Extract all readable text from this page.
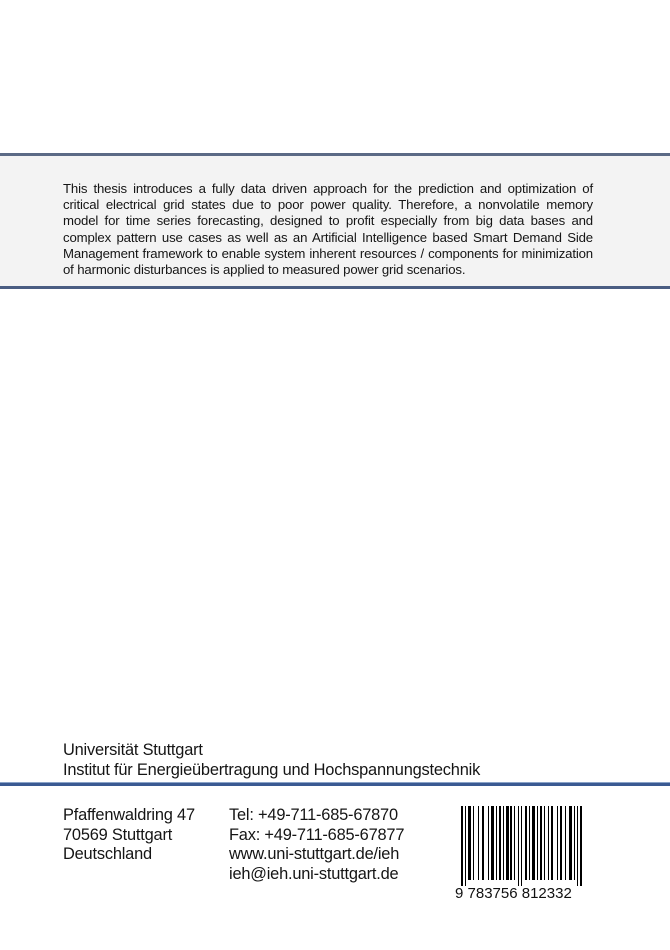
This thesis introduces a fully data driven approach for the prediction and optimization of critical electrical grid states due to poor power quality. Therefore, a nonvolatile memory model for time series forecasting, designed to profit especially from big data bases and complex pattern use cases as well as an Artificial Intelligence based Smart Demand Side Management framework to enable system inherent resources / components for minimization of harmonic disturbances is applied to measured power grid scenarios.

Universität Stuttgart
Institut für Energieübertragung und Hochspannungstechnik
Pfaffenwaldring 47
70569 Stuttgart
Deutschland
Tel: +49-711-685-67870
Fax: +49-711-685-67877
www.uni-stuttgart.de/ieh
ieh@ieh.uni-stuttgart.de
9 783756 812332
